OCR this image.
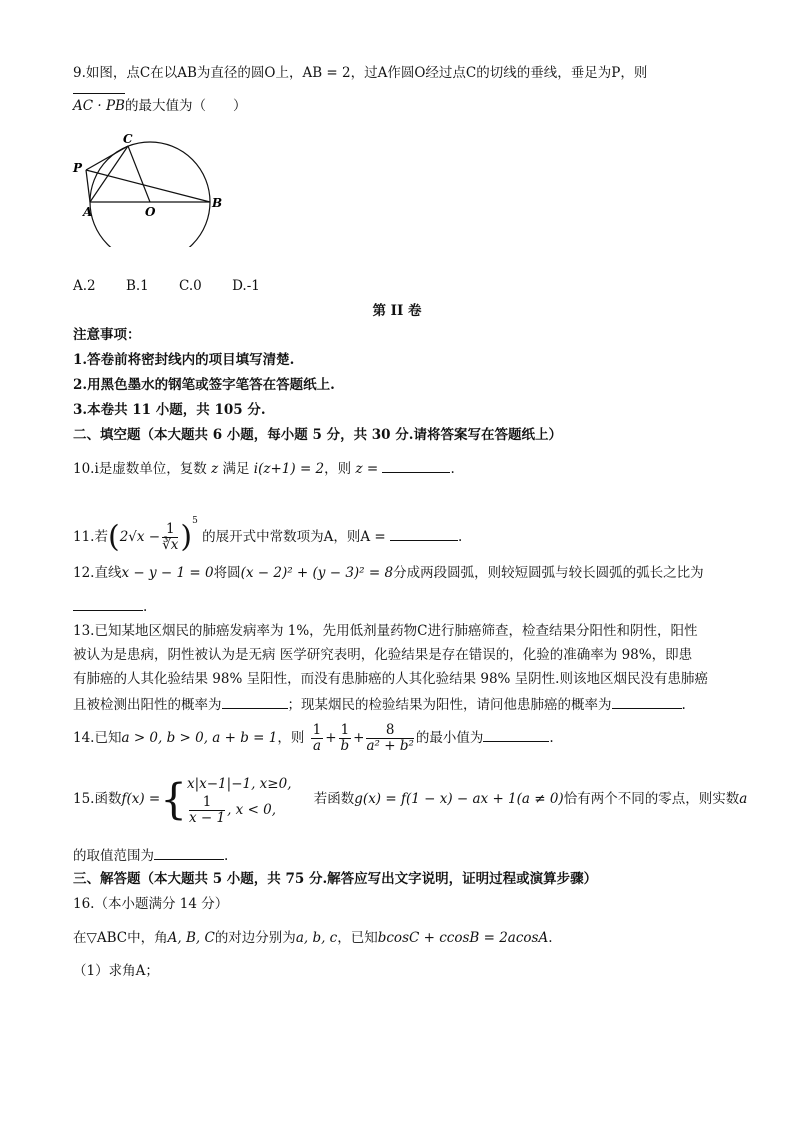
9.如图，点C在以AB为直径的圆O上，AB = 2，过A作圆O经过点C的切线的垂线，垂足为P，则
AC · PB的最大值为（　　）
P
C
A	O
B
A.2 B.1 C.0 D.-1
第 II 卷
注意事项：
1.答卷前将密封线内的项目填写清楚.
2.用黑色墨水的钢笔或签字笔答在答题纸上.
3.本卷共 11 小题，共 105 分.
二、填空题（本大题共 6 小题，每小题 5 分，共 30 分.请将答案写在答题纸上）
10.i是虚数单位，复数 z 满足 i(z+1) = 2，则 z =	.
11.若$(2√x - \frac{1}{∛x} )^5$ 的展开式中常数项为A，则A =	.
12.直线x − y − 1 = 0将圆(x − 2)² + (y − 3)² = 8分成两段圆弧，则较短圆弧与较长圆弧的弧长之比为
.
13.已知某地区烟民的肺癌发病率为 1%，先用低剂量药物C进行肺癌筛查，检查结果分阳性和阴性，阳性
被认为是患病，阴性被认为是无病 医学研究表明，化验结果是存在错误的，化验的准确率为 98%，即患
有肺癌的人其化验结果 98% 呈阳性，而没有患肺癌的人其化验结果 98% 呈阴性.则该地区烟民没有患肺癌
且被检测出阳性的概率为	；现某烟民的检验结果为阳性，请问他患肺癌的概率为	.
14.已知a > 0, b > 0, a + b = 1，则 $\frac{1}{a} + \frac{1}{b} + \frac{8}{\text{a² + b²}}$ 的最小值为	.
15.函数f(x) ={ x|x−1|−1, x≥0,
$\frac{1}{x - 1}$ , x < 0,
若函数g(x) = f(1 − x) − ax + 1(a ≠ 0)恰有两个不同的零点，则实数a
的取值范围为	.
三、解答题（本大题共 5 小题，共 75 分.解答应写出文字说明，证明过程或演算步骤）
16.（本小题满分 14 分）
在▽ABC中，角A, B, C的对边分别为a, b, c，已知bcosC + ccosB = 2acosA.
（1）求角A；
